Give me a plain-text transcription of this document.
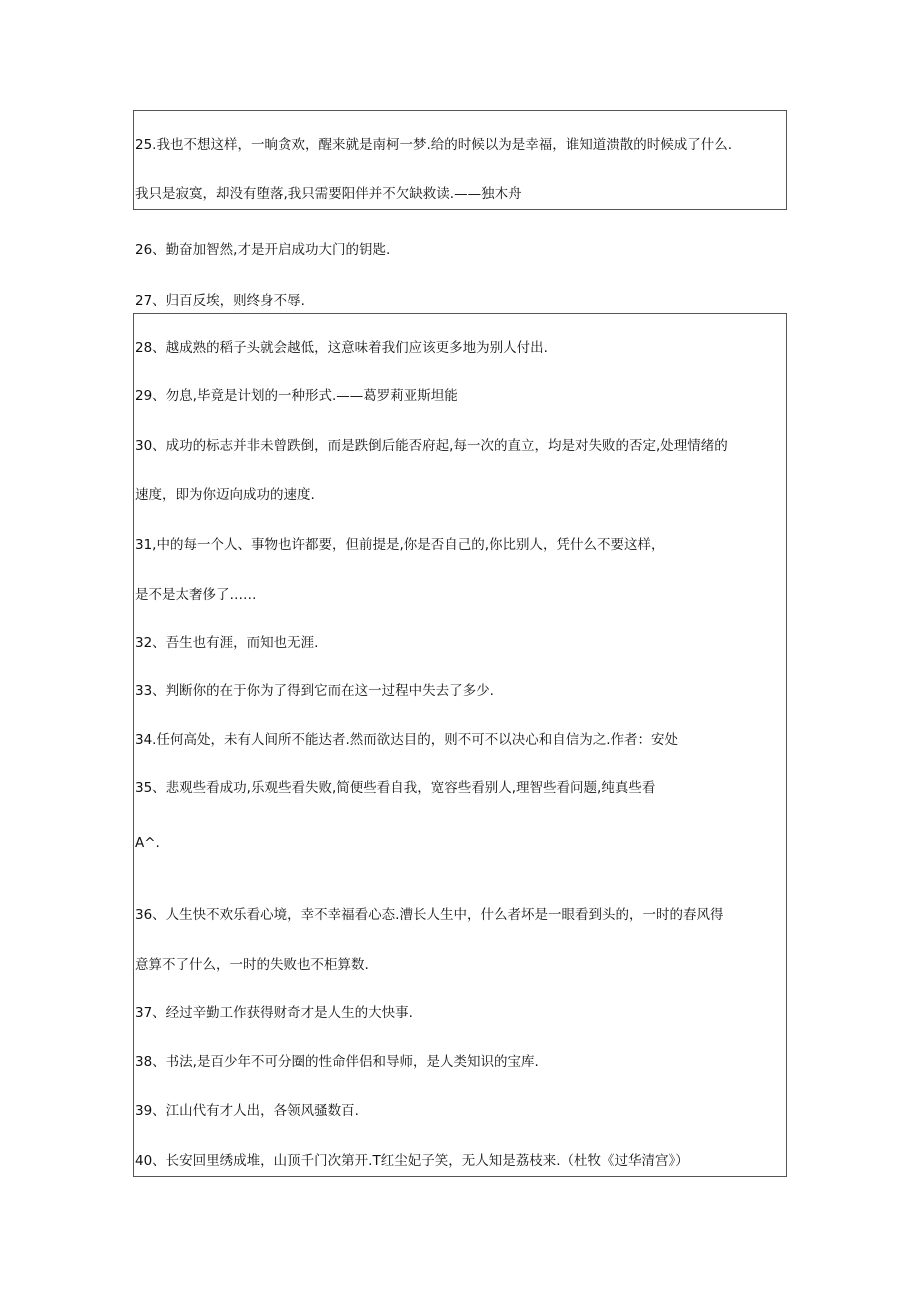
25.我也不想这样，一晌贪欢，醒来就是南柯一梦.给的时候以为是幸福，谁知道溃散的时候成了什么.
我只是寂寞，却没有堕落,我只需要阳伴并不欠缺救读.——独木舟
26、勤奋加智然,才是开启成功大门的钥匙.
27、归百反埃，则终身不辱.
28、越成熟的稻子头就会越低，这意味着我们应该更多地为别人付出.
29、勿息,毕竟是计划的一种形式.——葛罗莉亚斯坦能
30、成功的标志并非未曾跌倒，而是跌倒后能否府起,每一次的直立，均是对失败的否定,处理情绪的
速度，即为你迈向成功的速度.
31,中的每一个人、事物也许都要，但前提是,你是否自己的,你比别人，凭什么不要这样，
是不是太奢侈了……
32、吾生也有涯，而知也无涯.
33、判断你的在于你为了得到它而在这一过程中失去了多少.
34.任何高处，未有人间所不能达者.然而欲达目的，则不可不以决心和自信为之.作者：安处
35、悲观些看成功,乐观些看失败,简便些看自我，宽容些看别人,理智些看问题,纯真些看
A^.
36、人生快不欢乐看心境，幸不幸福看心态.漕长人生中，什么者坏是一眼看到头的，一时的春风得
意算不了什么，一时的失败也不柜算数.
37、经过辛勤工作获得财奇才是人生的大快事.
38、书法,是百少年不可分圈的性命伴侣和导师，是人类知识的宝库.
39、江山代有才人出，各领风骚数百.
40、长安回里绣成堆，山顶千门次第开.T红尘妃子笑，无人知是荔枝来.（杜牧《过华清宫》）
